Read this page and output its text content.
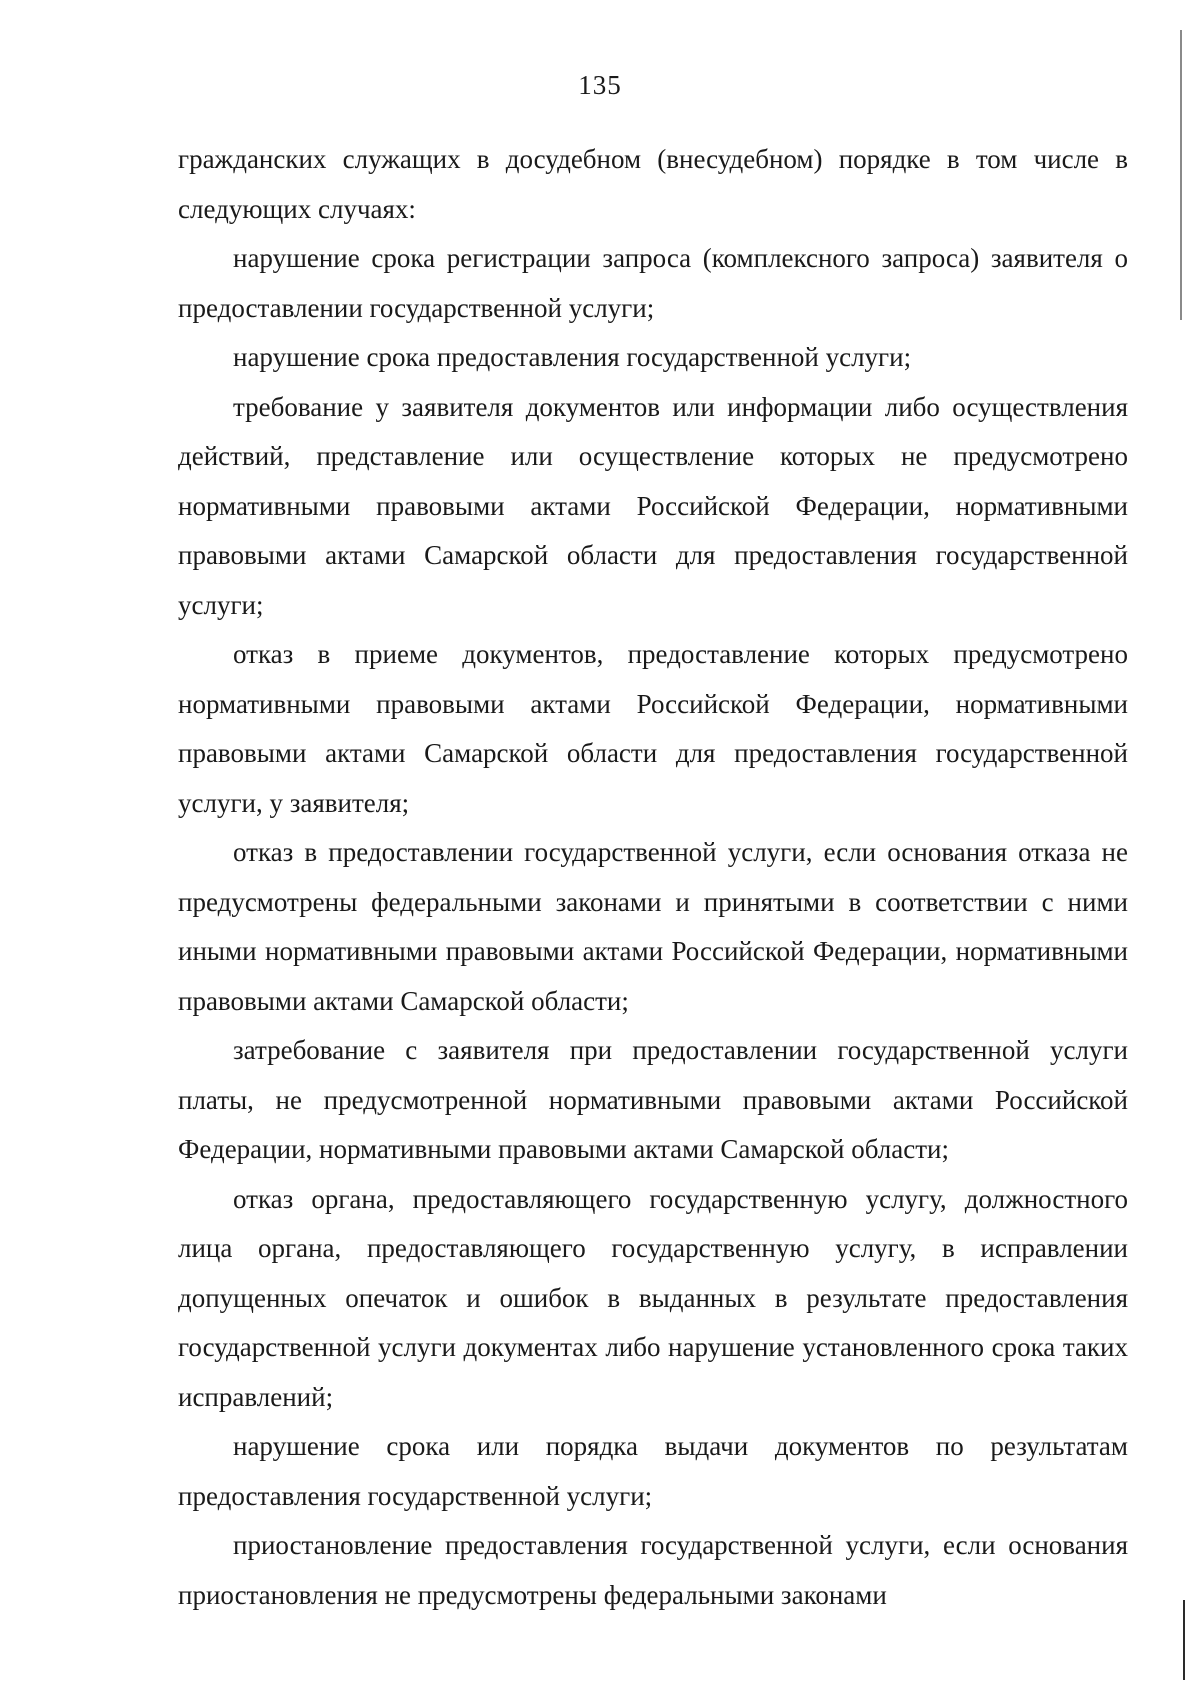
135

гражданских служащих в досудебном (внесудебном) порядке в том числе в следующих случаях:

нарушение срока регистрации запроса (комплексного запроса) заявителя о предоставлении государственной услуги;

нарушение срока предоставления государственной услуги;

требование у заявителя документов или информации либо осуществления действий, представление или осуществление которых не предусмотрено нормативными правовыми актами Российской Федерации, нормативными правовыми актами Самарской области для предоставления государственной услуги;

отказ в приеме документов, предоставление которых предусмотрено нормативными правовыми актами Российской Федерации, нормативными правовыми актами Самарской области для предоставления государственной услуги, у заявителя;

отказ в предоставлении государственной услуги, если основания отказа не предусмотрены федеральными законами и принятыми в соответствии с ними иными нормативными правовыми актами Российской Федерации, нормативными правовыми актами Самарской области;

затребование с заявителя при предоставлении государственной услуги платы, не предусмотренной нормативными правовыми актами Российской Федерации, нормативными правовыми актами Самарской области;

отказ органа, предоставляющего государственную услугу, должностного лица органа, предоставляющего государственную услугу, в исправлении допущенных опечаток и ошибок в выданных в результате предоставления государственной услуги документах либо нарушение установленного срока таких исправлений;

нарушение срока или порядка выдачи документов по результатам предоставления государственной услуги;

приостановление предоставления государственной услуги, если основания приостановления не предусмотрены федеральными законами
